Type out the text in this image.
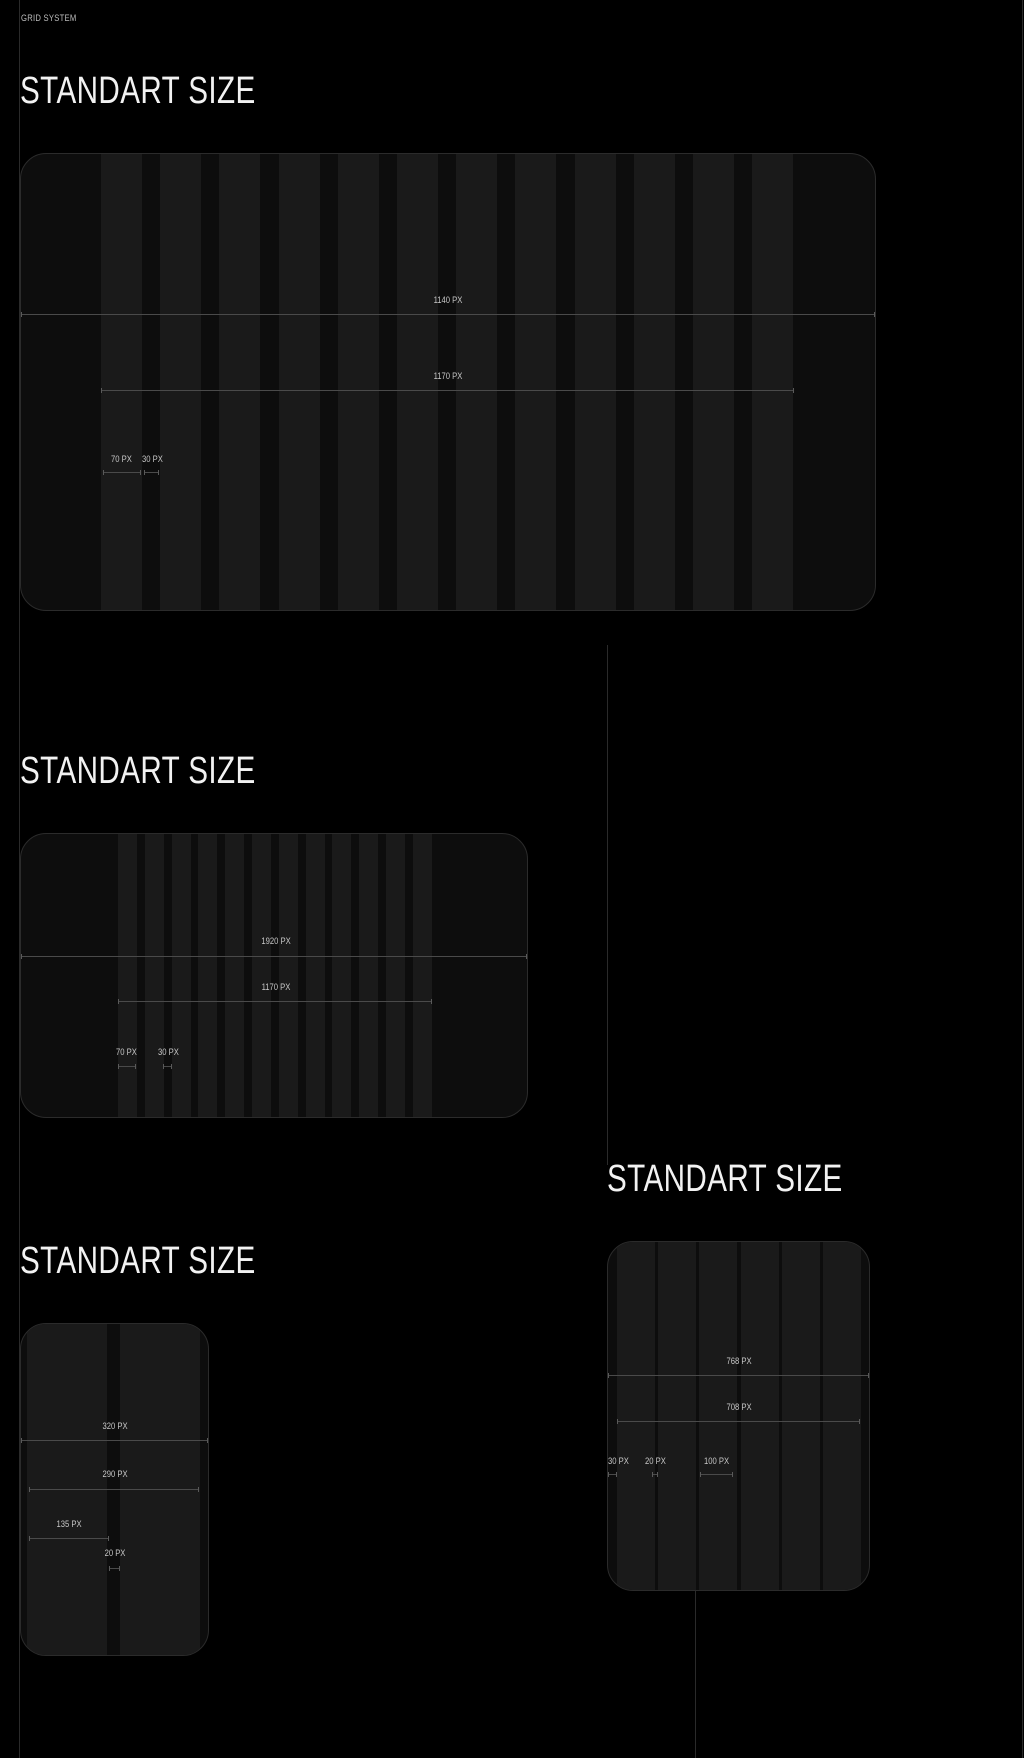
GRID SYSTEM
STANDART SIZE
1140 PX
1170 PX
70 PX 30 PX
STANDART SIZE
1920 PX
1170 PX
70 PX 30 PX
STANDART SIZE
320 PX
290 PX
135 PX
20 PX
STANDART SIZE
768 PX
708 PX
30 PX 20 PX	100 PX
